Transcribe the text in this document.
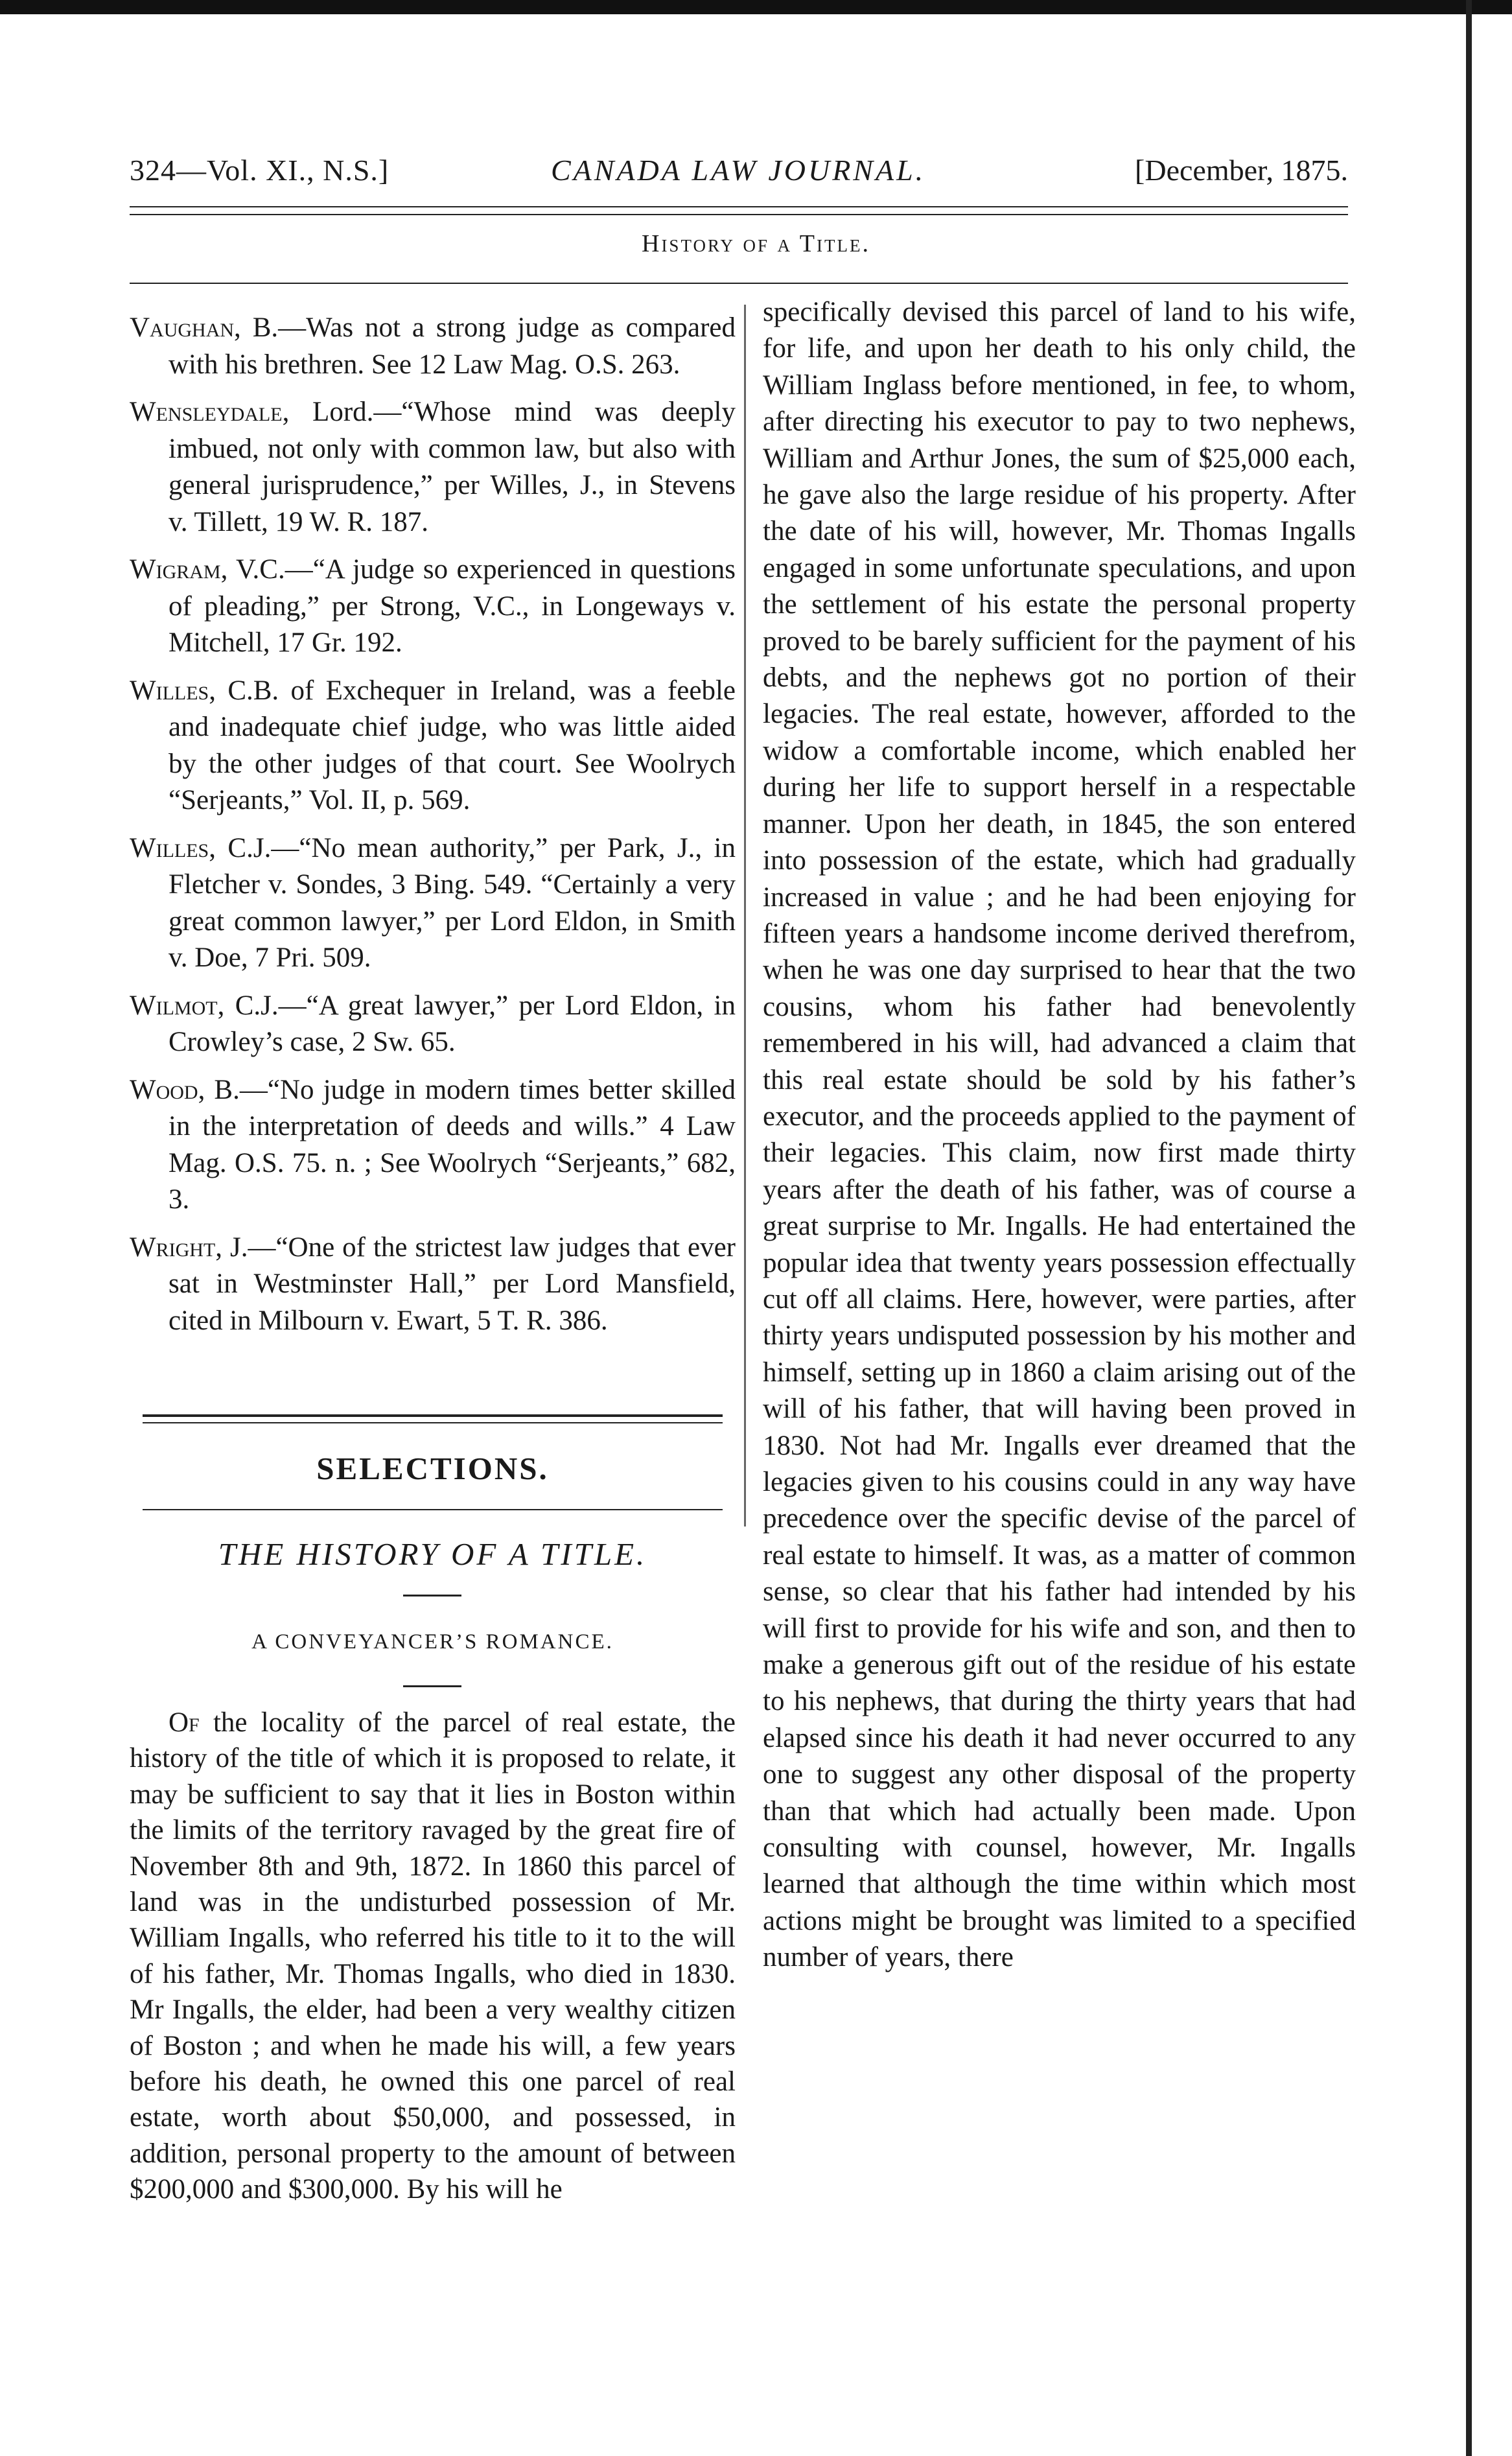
324—Vol. XI., N.S.]	CANADA LAW JOURNAL.	[December, 1875.
History of a Title.
Vaughan, B.—Was not a strong judge as compared with his brethren. See 12 Law Mag. O.S. 263.
Wensleydale, Lord.—“Whose mind was deeply imbued, not only with common law, but also with general jurisprudence,” per Willes, J., in Stevens v. Tillett, 19 W. R. 187.
Wigram, V.C.—“A judge so experienced in questions of pleading,” per Strong, V.C., in Longeways v. Mitchell, 17 Gr. 192.
Willes, C.B. of Exchequer in Ireland, was a feeble and inadequate chief judge, who was little aided by the other judges of that court. See Woolrych “Serjeants,” Vol. II, p. 569.
Willes, C.J.—“No mean authority,” per Park, J., in Fletcher v. Sondes, 3 Bing. 549. “Certainly a very great common lawyer,” per Lord Eldon, in Smith v. Doe, 7 Pri. 509.
Wilmot, C.J.—“A great lawyer,” per Lord Eldon, in Crowley’s case, 2 Sw. 65.
Wood, B.—“No judge in modern times better skilled in the interpretation of deeds and wills.” 4 Law Mag. O.S. 75. n. ; See Woolrych “Serjeants,” 682, 3.
Wright, J.—“One of the strictest law judges that ever sat in Westminster Hall,” per Lord Mansfield, cited in Milbourn v. Ewart, 5 T. R. 386.
SELECTIONS.
THE HISTORY OF A TITLE.
A CONVEYANCER’S ROMANCE.
Of the locality of the parcel of real estate, the history of the title of which it is proposed to relate, it may be sufficient to say that it lies in Boston within the limits of the territory ravaged by the great fire of November 8th and 9th, 1872. In 1860 this parcel of land was in the undisturbed possession of Mr. William Ingalls, who referred his title to it to the will of his father, Mr. Thomas Ingalls, who died in 1830. Mr Ingalls, the elder, had been a very wealthy citizen of Boston ; and when he made his will, a few years before his death, he owned this one parcel of real estate, worth about $50,000, and possessed, in addition, personal property to the amount of between $200,000 and $300,000. By his will he

specifically devised this parcel of land to his wife, for life, and upon her death to his only child, the William Inglass before mentioned, in fee, to whom, after directing his executor to pay to two nephews, William and Arthur Jones, the sum of $25,000 each, he gave also the large residue of his property. After the date of his will, however, Mr. Thomas Ingalls engaged in some unfortunate speculations, and upon the settlement of his estate the personal property proved to be barely sufficient for the payment of his debts, and the nephews got no portion of their legacies. The real estate, however, afforded to the widow a comfortable income, which enabled her during her life to support herself in a respectable manner. Upon her death, in 1845, the son entered into possession of the estate, which had gradually increased in value ; and he had been enjoying for fifteen years a handsome income derived therefrom, when he was one day surprised to hear that the two cousins, whom his father had benevolently remembered in his will, had advanced a claim that this real estate should be sold by his father’s executor, and the proceeds applied to the payment of their legacies. This claim, now first made thirty years after the death of his father, was of course a great surprise to Mr. Ingalls. He had entertained the popular idea that twenty years possession effectually cut off all claims. Here, however, were parties, after thirty years undisputed possession by his mother and himself, setting up in 1860 a claim arising out of the will of his father, that will having been proved in 1830. Not had Mr. Ingalls ever dreamed that the legacies given to his cousins could in any way have precedence over the specific devise of the parcel of real estate to himself. It was, as a matter of common sense, so clear that his father had intended by his will first to provide for his wife and son, and then to make a generous gift out of the residue of his estate to his nephews, that during the thirty years that had elapsed since his death it had never occurred to any one to suggest any other disposal of the property than that which had actually been made. Upon consulting with counsel, however, Mr. Ingalls learned that although the time within which most actions might be brought was limited to a specified number of years, there
